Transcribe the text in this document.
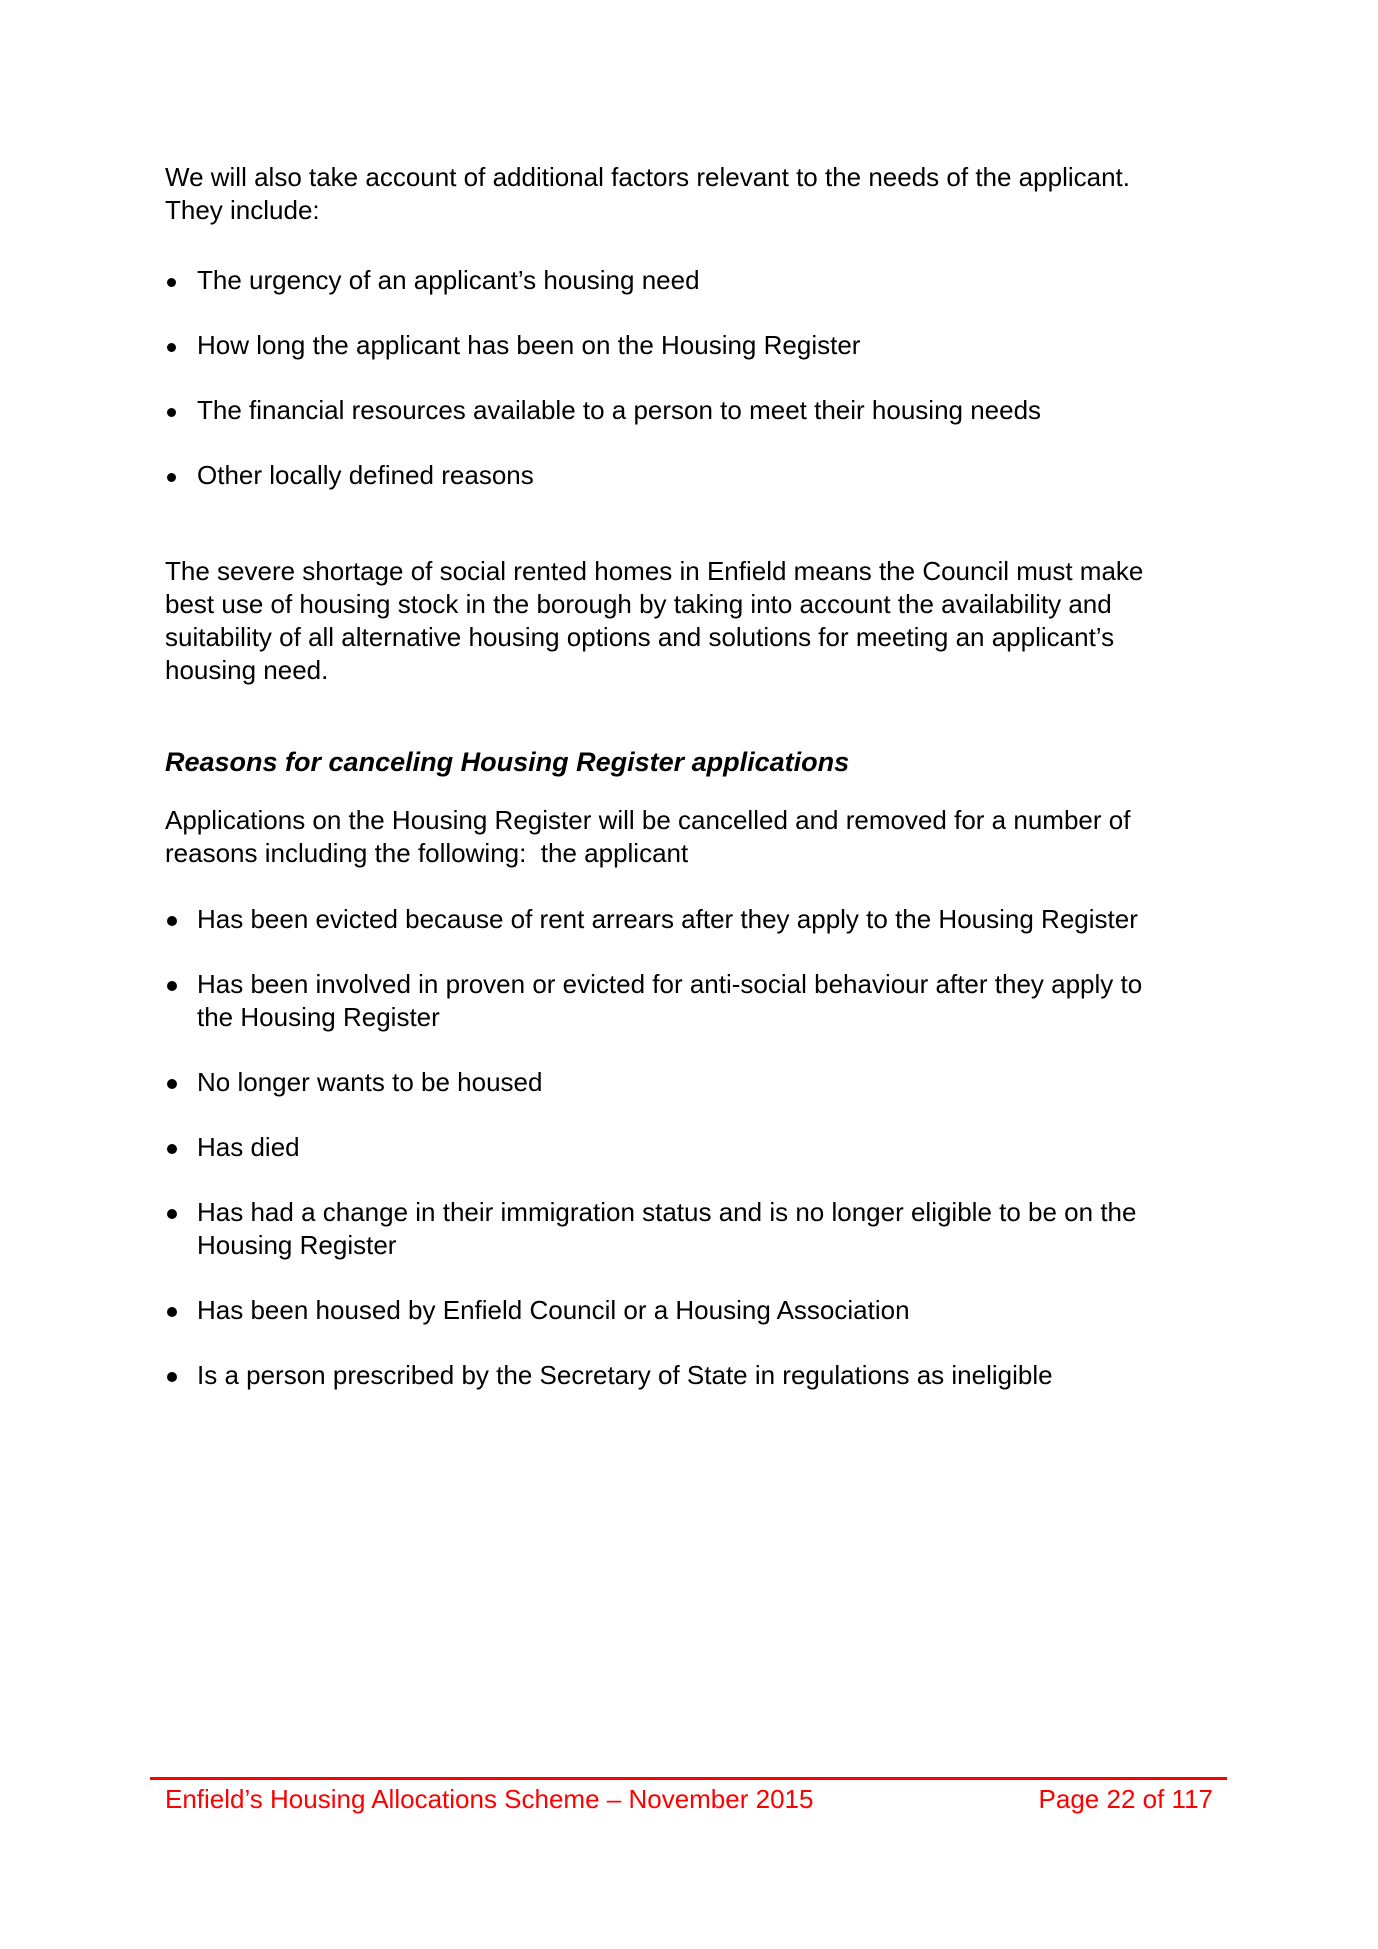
We will also take account of additional factors relevant to the needs of the applicant.
They include:
The urgency of an applicant’s housing need
How long the applicant has been on the Housing Register
The financial resources available to a person to meet their housing needs
Other locally defined reasons
The severe shortage of social rented homes in Enfield means the Council must make
best use of housing stock in the borough by taking into account the availability and
suitability of all alternative housing options and solutions for meeting an applicant’s
housing need.
Reasons for canceling Housing Register applications
Applications on the Housing Register will be cancelled and removed for a number of
reasons including the following:  the applicant
Has been evicted because of rent arrears after they apply to the Housing Register
Has been involved in proven or evicted for anti-social behaviour after they apply to
the Housing Register
No longer wants to be housed
Has died
Has had a change in their immigration status and is no longer eligible to be on the
Housing Register
Has been housed by Enfield Council or a Housing Association
Is a person prescribed by the Secretary of State in regulations as ineligible
Enfield’s Housing Allocations Scheme – November 2015	Page 22 of 117
